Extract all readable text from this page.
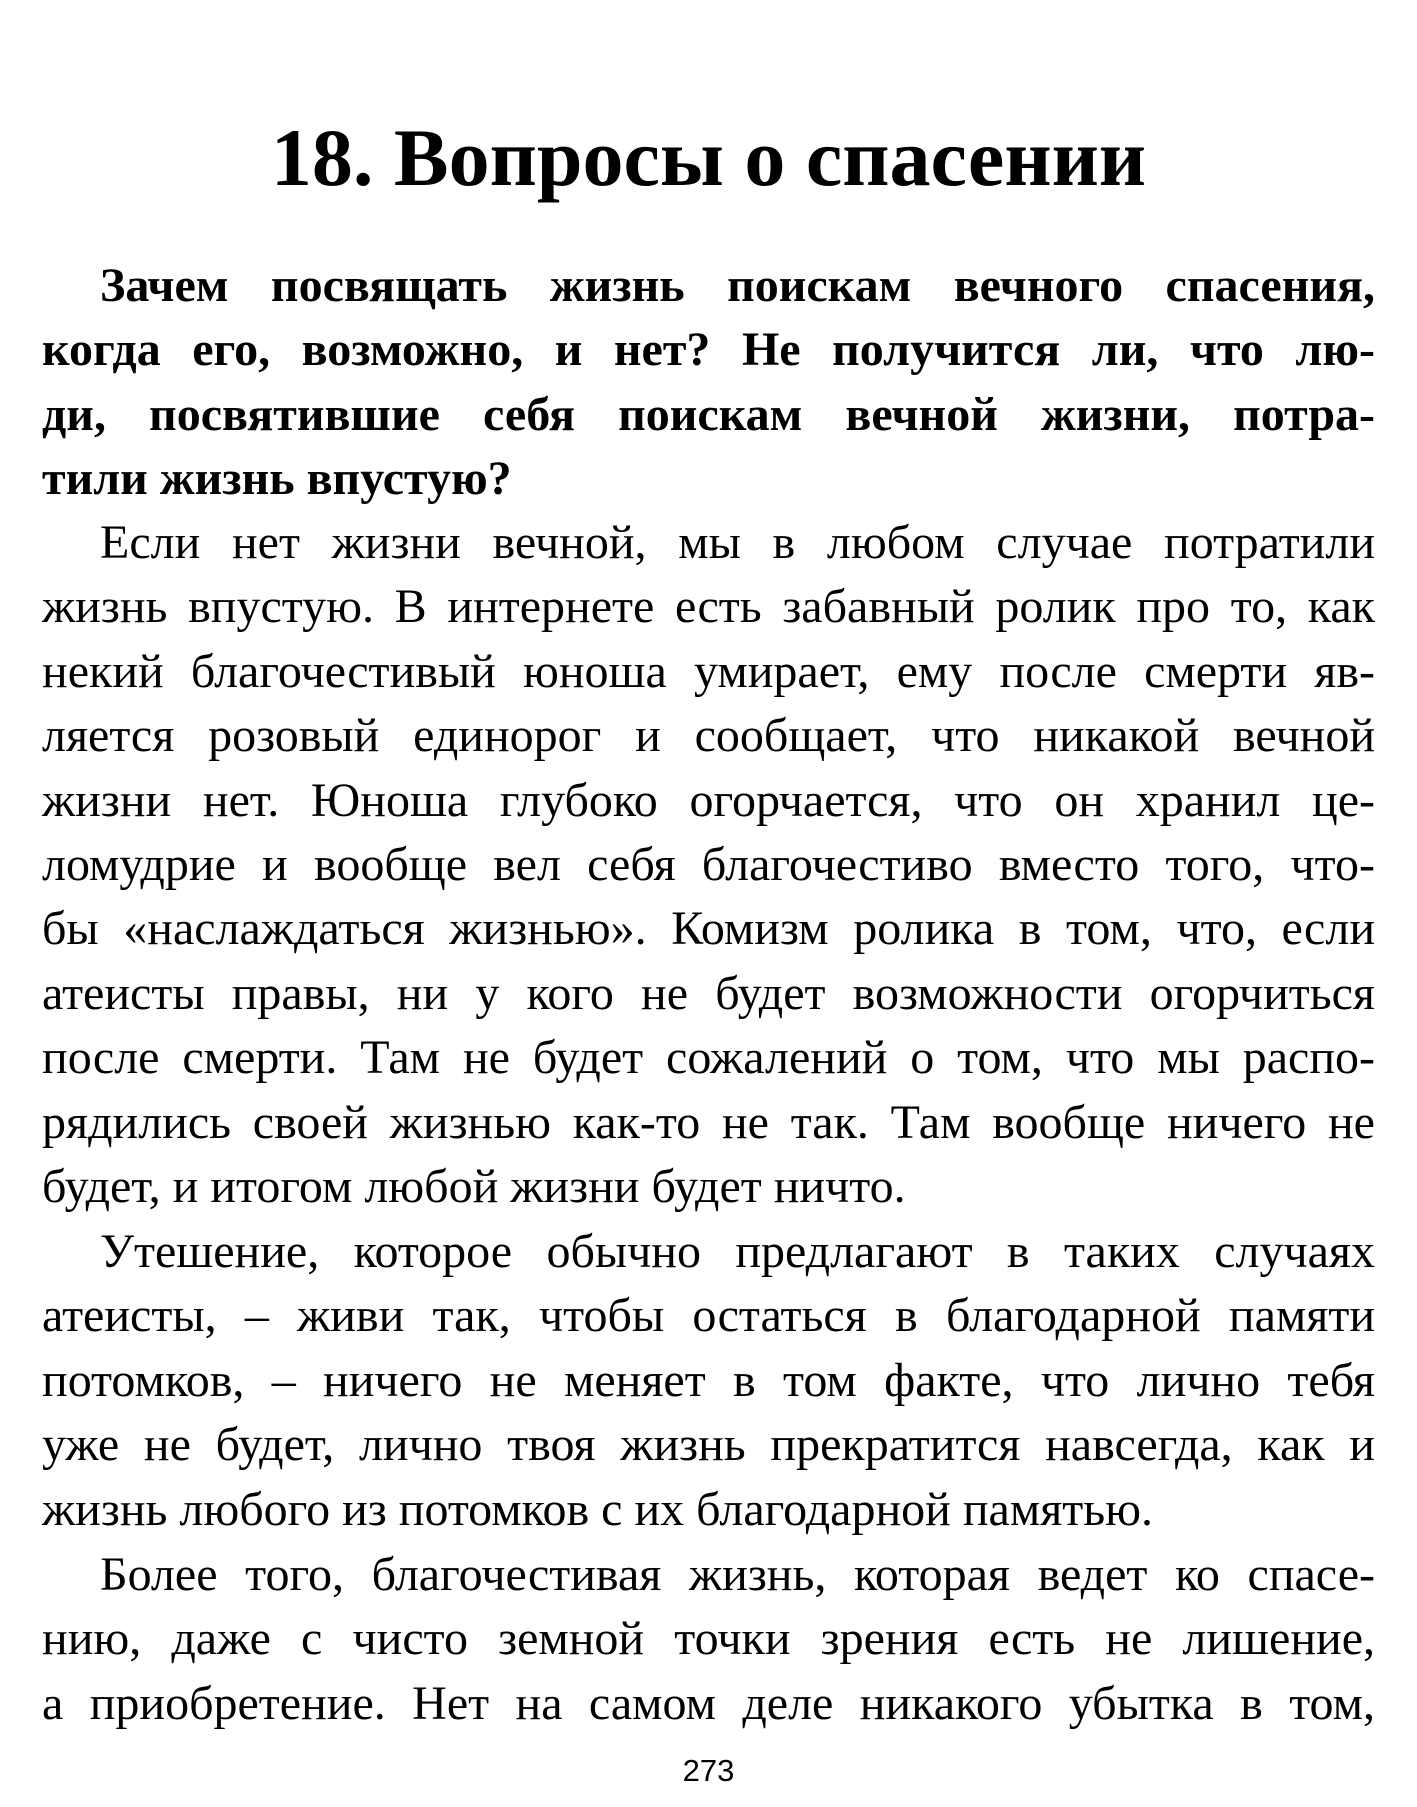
18. Вопросы о спасении

Зачем посвящать жизнь поискам вечного спасения,
когда его, возможно, и нет? Не получится ли, что лю-
ди, посвятившие себя поискам вечной жизни, потра-
тили жизнь впустую?

Если нет жизни вечной, мы в любом случае потратили
жизнь впустую. В интернете есть забавный ролик про то, как
некий благочестивый юноша умирает, ему после смерти яв-
ляется розовый единорог и сообщает, что никакой вечной
жизни нет. Юноша глубоко огорчается, что он хранил це-
ломудрие и вообще вел себя благочестиво вместо того, что-
бы «наслаждаться жизнью». Комизм ролика в том, что, если
атеисты правы, ни у кого не будет возможности огорчиться
после смерти. Там не будет сожалений о том, что мы распо-
рядились своей жизнью как-то не так. Там вообще ничего не
будет, и итогом любой жизни будет ничто.

Утешение, которое обычно предлагают в таких случаях
атеисты, – живи так, чтобы остаться в благодарной памяти
потомков, – ничего не меняет в том факте, что лично тебя
уже не будет, лично твоя жизнь прекратится навсегда, как и
жизнь любого из потомков с их благодарной памятью.

Более того, благочестивая жизнь, которая ведет ко спасе-
нию, даже с чисто земной точки зрения есть не лишение,
а приобретение. Нет на самом деле никакого убытка в том,

273
